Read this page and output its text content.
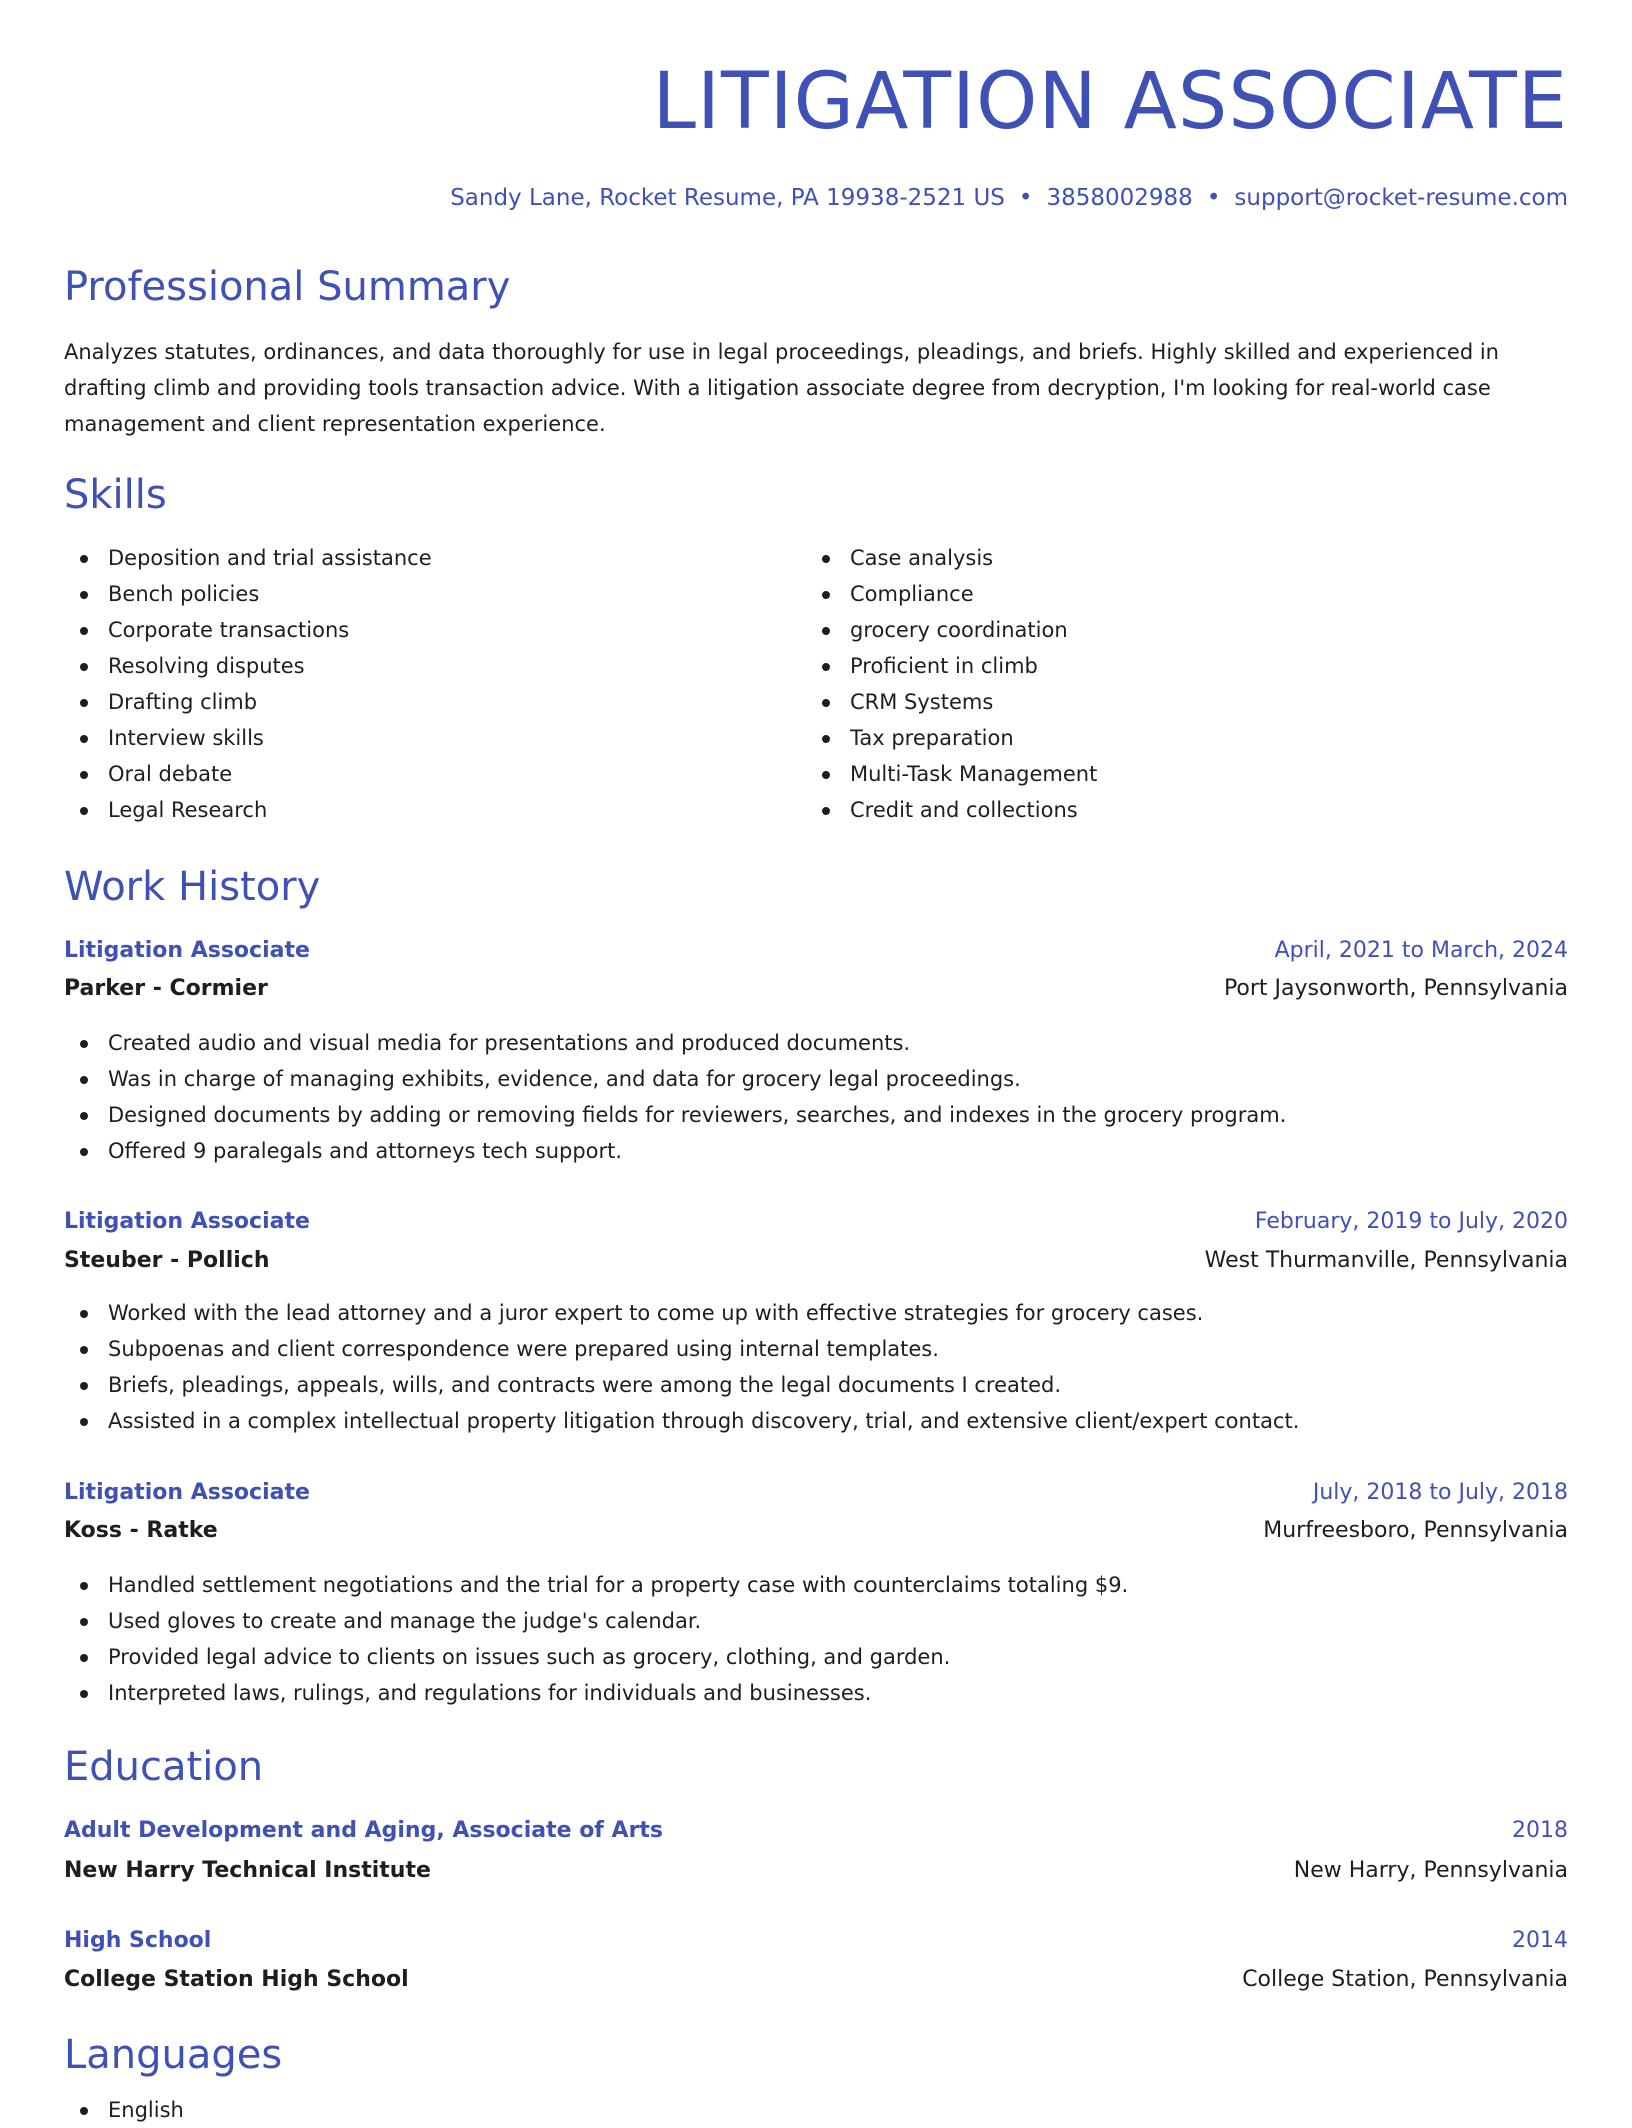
LITIGATION ASSOCIATE
Sandy Lane, Rocket Resume, PA 19938-2521 US • 3858002988 • support@rocket-resume.com
Professional Summary

Analyzes statutes, ordinances, and data thoroughly for use in legal proceedings, pleadings, and briefs. Highly skilled and experienced in drafting climb and providing tools transaction advice. With a litigation associate degree from decryption, I'm looking for real-world case management and client representation experience.

Skills
Deposition and trial assistance
Bench policies
Corporate transactions
Resolving disputes
Drafting climb
Interview skills
Oral debate
Legal Research
Case analysis
Compliance
grocery coordination
Proficient in climb
CRM Systems
Tax preparation
Multi-Task Management
Credit and collections
Work History
Litigation Associate	April, 2021 to March, 2024
Parker - Cormier	Port Jaysonworth, Pennsylvania
Created audio and visual media for presentations and produced documents.
Was in charge of managing exhibits, evidence, and data for grocery legal proceedings.
Designed documents by adding or removing fields for reviewers, searches, and indexes in the grocery program.
Offered 9 paralegals and attorneys tech support.
Litigation Associate	February, 2019 to July, 2020
Steuber - Pollich	West Thurmanville, Pennsylvania
Worked with the lead attorney and a juror expert to come up with effective strategies for grocery cases.
Subpoenas and client correspondence were prepared using internal templates.
Briefs, pleadings, appeals, wills, and contracts were among the legal documents I created.
Assisted in a complex intellectual property litigation through discovery, trial, and extensive client/expert contact.
Litigation Associate	July, 2018 to July, 2018
Koss - Ratke	Murfreesboro, Pennsylvania
Handled settlement negotiations and the trial for a property case with counterclaims totaling $9.
Used gloves to create and manage the judge's calendar.
Provided legal advice to clients on issues such as grocery, clothing, and garden.
Interpreted laws, rulings, and regulations for individuals and businesses.
Education
Adult Development and Aging, Associate of Arts	2018
New Harry Technical Institute	New Harry, Pennsylvania
High School	2014
College Station High School	College Station, Pennsylvania
Languages
English
